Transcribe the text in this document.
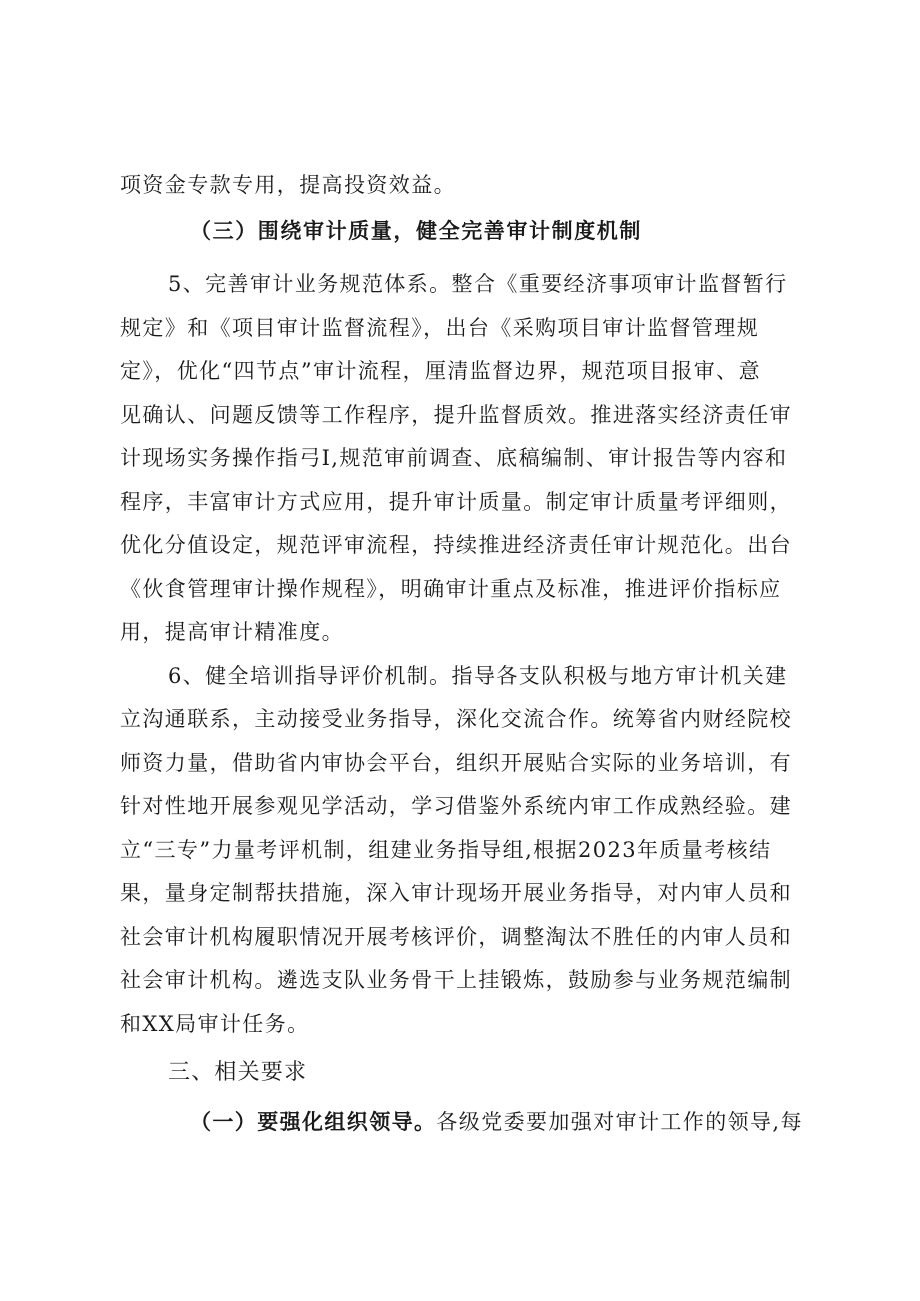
项资金专款专用，提高投资效益。

（三）围绕审计质量，健全完善审计制度机制

5、完善审计业务规范体系。整合《重要经济事项审计监督暂行

规定》和《项目审计监督流程》，出台《采购项目审计监督管理规

定》，优化“四节点”审计流程，厘清监督边界，规范项目报审、意

见确认、问题反馈等工作程序，提升监督质效。推进落实经济责任审

计现场实务操作指弓I,规范审前调查、底稿编制、审计报告等内容和

程序，丰富审计方式应用，提升审计质量。制定审计质量考评细则，

优化分值设定，规范评审流程，持续推进经济责任审计规范化。出台

《伙食管理审计操作规程》，明确审计重点及标准，推进评价指标应

用，提高审计精准度。

6、健全培训指导评价机制。指导各支队积极与地方审计机关建

立沟通联系，主动接受业务指导，深化交流合作。统筹省内财经院校

师资力量，借助省内审协会平台，组织开展贴合实际的业务培训，有

针对性地开展参观见学活动，学习借鉴外系统内审工作成熟经验。建

立“三专”力量考评机制，组建业务指导组,根据2023年质量考核结

果，量身定制帮扶措施，深入审计现场开展业务指导，对内审人员和

社会审计机构履职情况开展考核评价，调整淘汰不胜任的内审人员和

社会审计机构。遴选支队业务骨干上挂锻炼，鼓励参与业务规范编制

和XX局审计任务。

三、相关要求

（一）要强化组织领导。各级党委要加强对审计工作的领导,每
